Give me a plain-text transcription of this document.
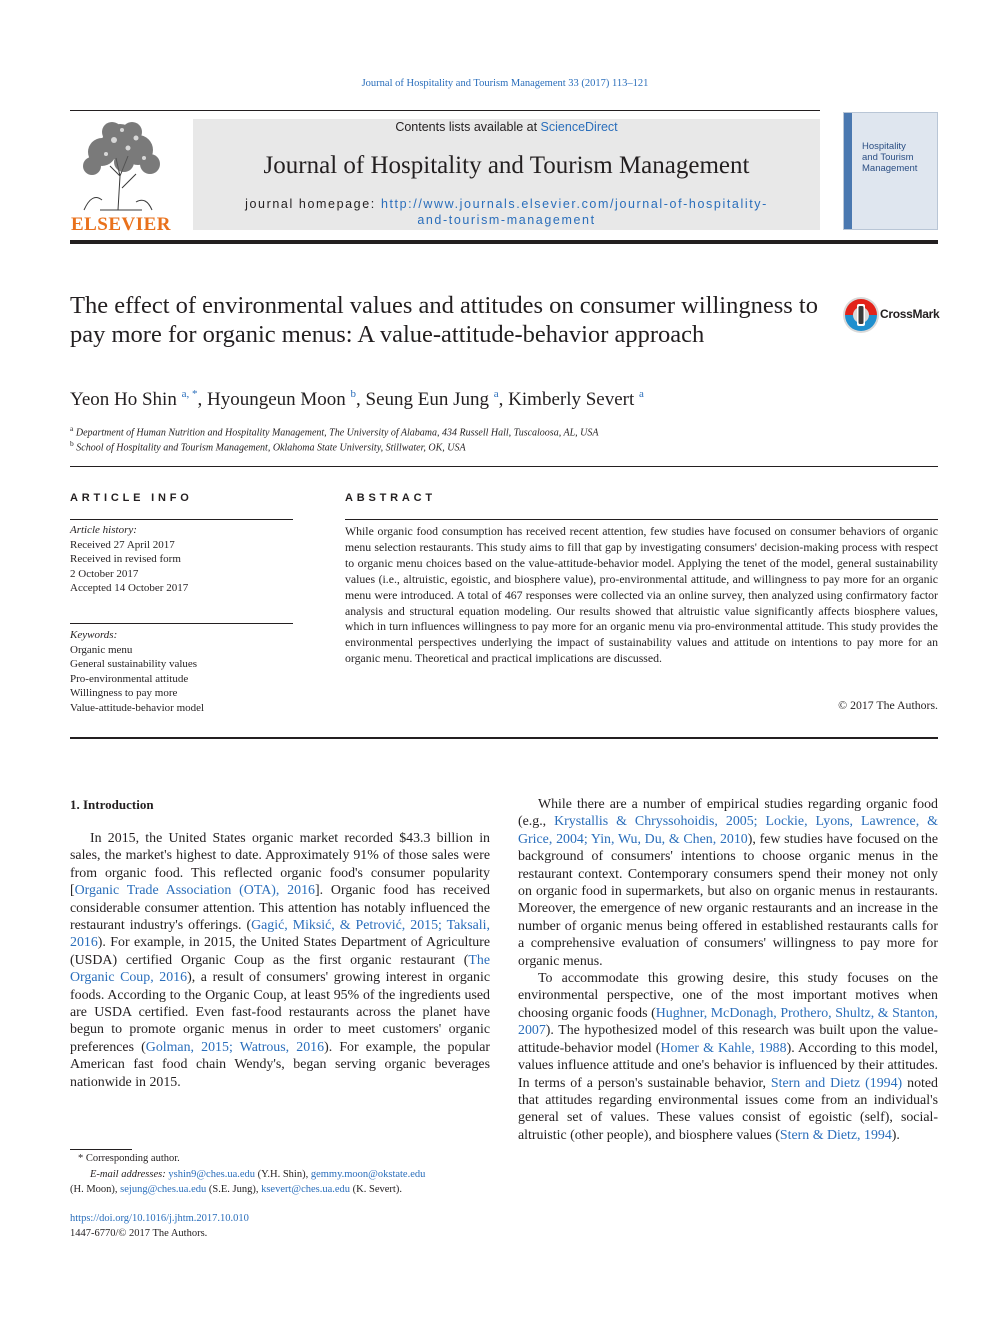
Journal of Hospitality and Tourism Management 33 (2017) 113–121
ELSEVIER
Contents lists available at ScienceDirect
Journal of Hospitality and Tourism Management
journal homepage: http://www.journals.elsevier.com/journal-of-hospitality-
and-tourism-management
Hospitality
and Tourism
Management
The effect of environmental values and attitudes on consumer willingness to pay more for organic menus: A value-attitude-behavior approach
CrossMark
Yeon Ho Shin $^{a, *}$, Hyoungeun Moon $^b$, Seung Eun Jung $^a$, Kimberly Severt $^a$
$^a$ Department of Human Nutrition and Hospitality Management, The University of Alabama, 434 Russell Hall, Tuscaloosa, AL, USA
$^b$ School of Hospitality and Tourism Management, Oklahoma State University, Stillwater, OK, USA
ARTICLE INFO
Article history:
Received 27 April 2017
Received in revised form
2 October 2017
Accepted 14 October 2017
Keywords:
Organic menu
General sustainability values
Pro-environmental attitude
Willingness to pay more
Value-attitude-behavior model
ABSTRACT
While organic food consumption has received recent attention, few studies have focused on consumer behaviors of organic menu selection restaurants. This study aims to fill that gap by investigating consumers' decision-making process with respect to organic menu choices based on the value-attitude-behavior model. Applying the tenet of the model, general sustainability values (i.e., altruistic, egoistic, and biosphere value), pro-environmental attitude, and willingness to pay more for an organic menu were introduced. A total of 467 responses were collected via an online survey, then analyzed using confirmatory factor analysis and structural equation modeling. Our results showed that altruistic value significantly affects biosphere values, which in turn influences willingness to pay more for an organic menu via pro-environmental attitude. This study provides the environmental perspectives underlying the impact of sustainability values and attitude on intentions to pay more for an organic menu. Theoretical and practical implications are discussed.
© 2017 The Authors.
1. Introduction

In 2015, the United States organic market recorded $43.3 billion in sales, the market's highest to date. Approximately 91% of those sales were from organic food. This reflected organic food's consumer popularity [Organic Trade Association (OTA), 2016]. Organic food has received considerable consumer attention. This attention has notably influenced the restaurant industry's offerings. (Gagić, Miksić, & Petrović, 2015; Taksali, 2016). For example, in 2015, the United States Department of Agriculture (USDA) certified Organic Coup as the first organic restaurant (The Organic Coup, 2016), a result of consumers' growing interest in organic foods. According to the Organic Coup, at least 95% of the ingredients used are USDA certified. Even fast-food restaurants across the planet have begun to promote organic menus in order to meet customers' organic preferences (Golman, 2015; Watrous, 2016). For example, the popular American fast food chain Wendy's, began serving organic beverages nationwide in 2015.

While there are a number of empirical studies regarding organic food (e.g., Krystallis & Chryssohoidis, 2005; Lockie, Lyons, Lawrence, & Grice, 2004; Yin, Wu, Du, & Chen, 2010), few studies have focused on the background of consumers' intentions to choose organic menus in the restaurant context. Contemporary consumers spend their money not only on organic food in supermarkets, but also on organic menus in restaurants. Moreover, the emergence of new organic restaurants and an increase in the number of organic menus being offered in established restaurants calls for a comprehensive evaluation of consumers' willingness to pay more for organic menus.

To accommodate this growing desire, this study focuses on the environmental perspective, one of the most important motives when choosing organic foods (Hughner, McDonagh, Prothero, Shultz, & Stanton, 2007). The hypothesized model of this research was built upon the value-attitude-behavior model (Homer & Kahle, 1988). According to this model, values influence attitude and one's behavior is influenced by their attitudes. In terms of a person's sustainable behavior, Stern and Dietz (1994) noted that attitudes regarding environmental issues come from an individual's general set of values. These values consist of egoistic (self), social-altruistic (other people), and biosphere values (Stern & Dietz, 1994).

* Corresponding author.
E-mail addresses: yshin9@ches.ua.edu (Y.H. Shin), gemmy.moon@okstate.edu
(H. Moon), sejung@ches.ua.edu (S.E. Jung), ksevert@ches.ua.edu (K. Severt).
https://doi.org/10.1016/j.jhtm.2017.10.010
1447-6770/© 2017 The Authors.
